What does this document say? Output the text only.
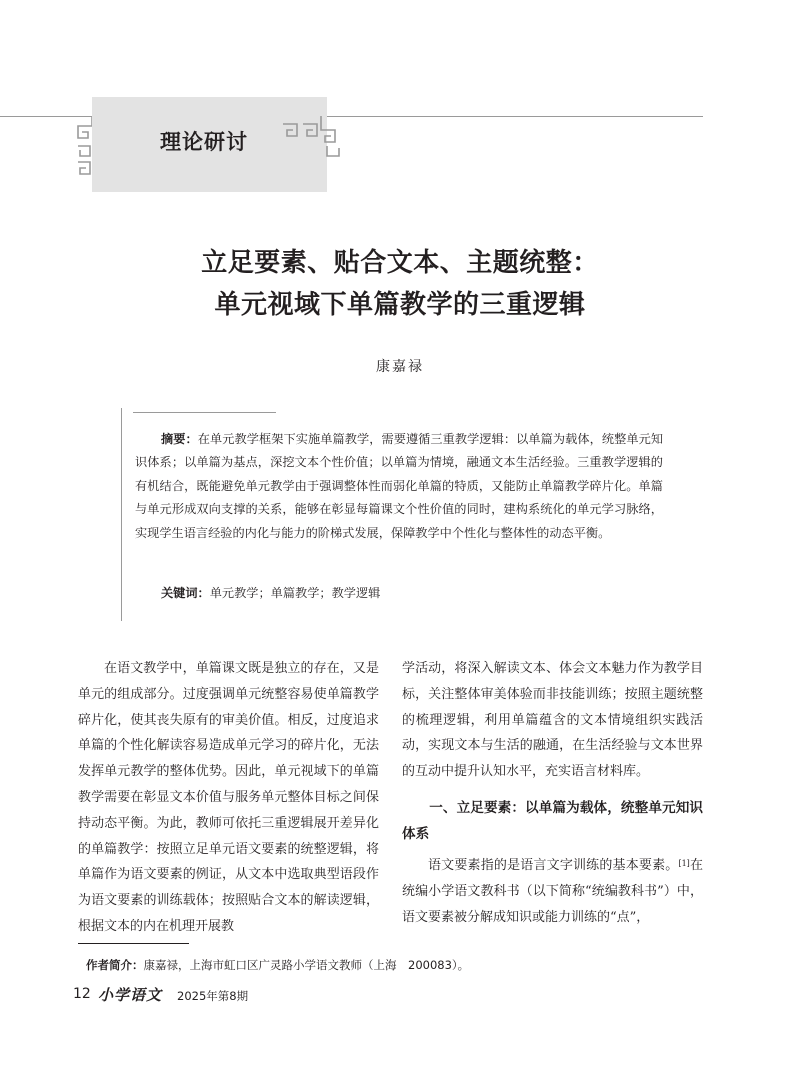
理论研讨
立足要素、贴合文本、主题统整：
单元视域下单篇教学的三重逻辑
康嘉禄
摘要：在单元教学框架下实施单篇教学，需要遵循三重教学逻辑：以单篇为载体，统整单元知识体系；以单篇为基点，深挖文本个性价值；以单篇为情境，融通文本生活经验。三重教学逻辑的有机结合，既能避免单元教学由于强调整体性而弱化单篇的特质，又能防止单篇教学碎片化。单篇与单元形成双向支撑的关系，能够在彰显每篇课文个性价值的同时，建构系统化的单元学习脉络，实现学生语言经验的内化与能力的阶梯式发展，保障教学中个性化与整体性的动态平衡。
关键词：单元教学；单篇教学；教学逻辑

在语文教学中，单篇课文既是独立的存在，又是单元的组成部分。过度强调单元统整容易使单篇教学碎片化，使其丧失原有的审美价值。相反，过度追求单篇的个性化解读容易造成单元学习的碎片化，无法发挥单元教学的整体优势。因此，单元视域下的单篇教学需要在彰显文本价值与服务单元整体目标之间保持动态平衡。为此，教师可依托三重逻辑展开差异化的单篇教学：按照立足单元语文要素的统整逻辑，将单篇作为语文要素的例证，从文本中选取典型语段作为语文要素的训练载体；按照贴合文本的解读逻辑，根据文本的内在机理开展教

学活动，将深入解读文本、体会文本魅力作为教学目标，关注整体审美体验而非技能训练；按照主题统整的梳理逻辑，利用单篇蕴含的文本情境组织实践活动，实现文本与生活的融通，在生活经验与文本世界的互动中提升认知水平，充实语言材料库。

一、立足要素：以单篇为载体，统整单元知识体系

语文要素指的是语言文字训练的基本要素。[1]在统编小学语文教科书（以下简称“统编教科书”）中，语文要素被分解成知识或能力训练的“点”，

作者简介：康嘉禄，上海市虹口区广灵路小学语文教师（上海　200083）。
12 小学语文 2025年第8期
